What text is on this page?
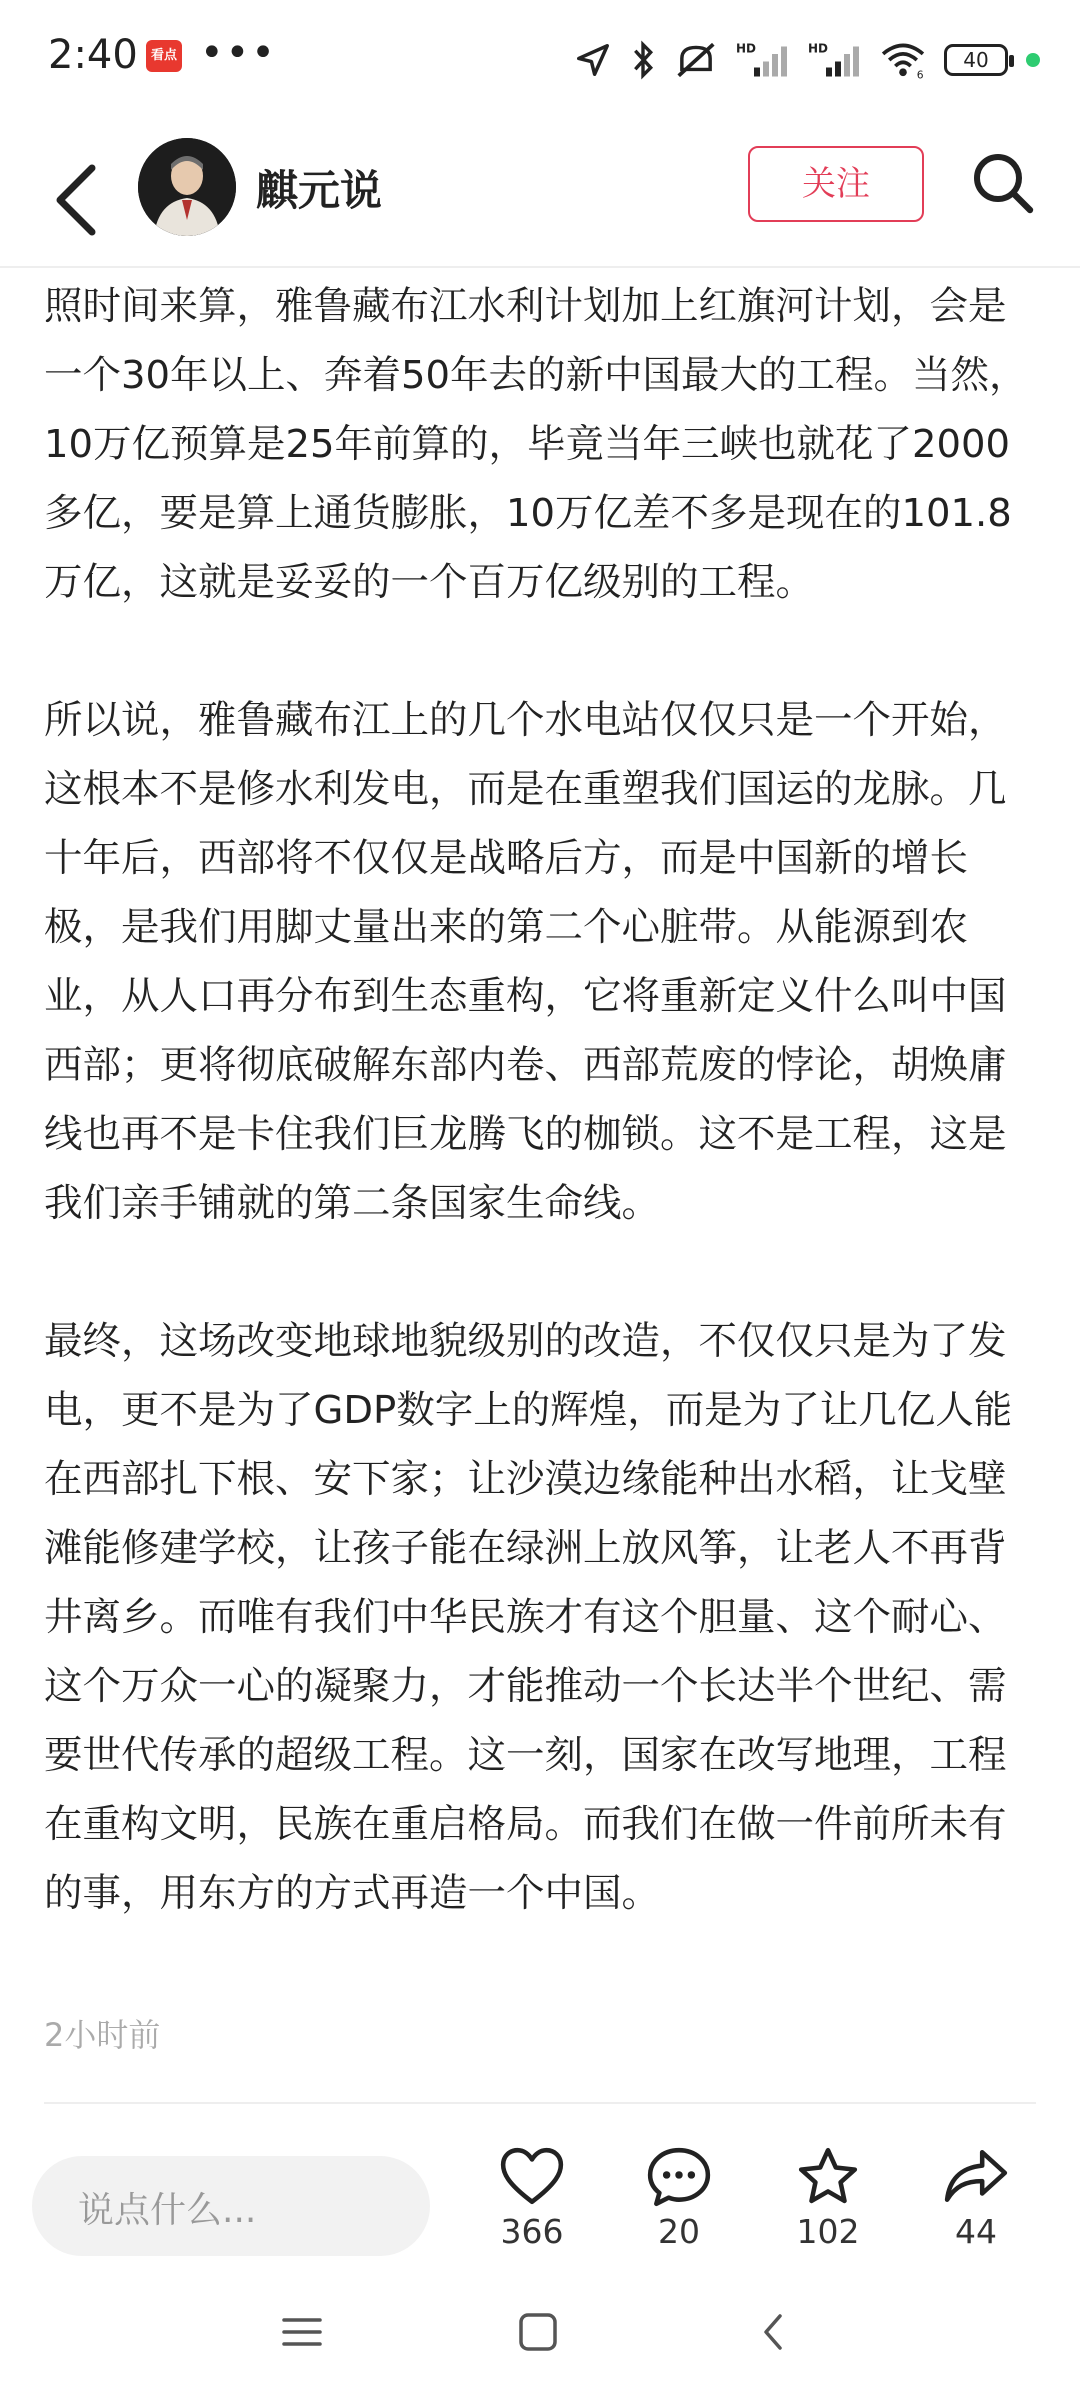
2:40	看点 •••	HD	HD
6
40
麒元说	关注

照时间来算，雅鲁藏布江水利计划加上红旗河计划，会是一个30年以上、奔着50年去的新中国最大的工程。当然，10万亿预算是25年前算的，毕竟当年三峡也就花了2000多亿，要是算上通货膨胀，10万亿差不多是现在的101.8万亿，这就是妥妥的一个百万亿级别的工程。

所以说，雅鲁藏布江上的几个水电站仅仅只是一个开始，这根本不是修水利发电，而是在重塑我们国运的龙脉。几十年后，西部将不仅仅是战略后方，而是中国新的增长极，是我们用脚丈量出来的第二个心脏带。从能源到农业，从人口再分布到生态重构，它将重新定义什么叫中国西部；更将彻底破解东部内卷、西部荒废的悖论，胡焕庸线也再不是卡住我们巨龙腾飞的枷锁。这不是工程，这是我们亲手铺就的第二条国家生命线。

最终，这场改变地球地貌级别的改造，不仅仅只是为了发电，更不是为了GDP数字上的辉煌，而是为了让几亿人能在西部扎下根、安下家；让沙漠边缘能种出水稻，让戈壁滩能修建学校，让孩子能在绿洲上放风筝，让老人不再背井离乡。而唯有我们中华民族才有这个胆量、这个耐心、这个万众一心的凝聚力，才能推动一个长达半个世纪、需要世代传承的超级工程。这一刻，国家在改写地理，工程在重构文明，民族在重启格局。而我们在做一件前所未有的事，用东方的方式再造一个中国。

2小时前
说点什么...
366	20	102	44
